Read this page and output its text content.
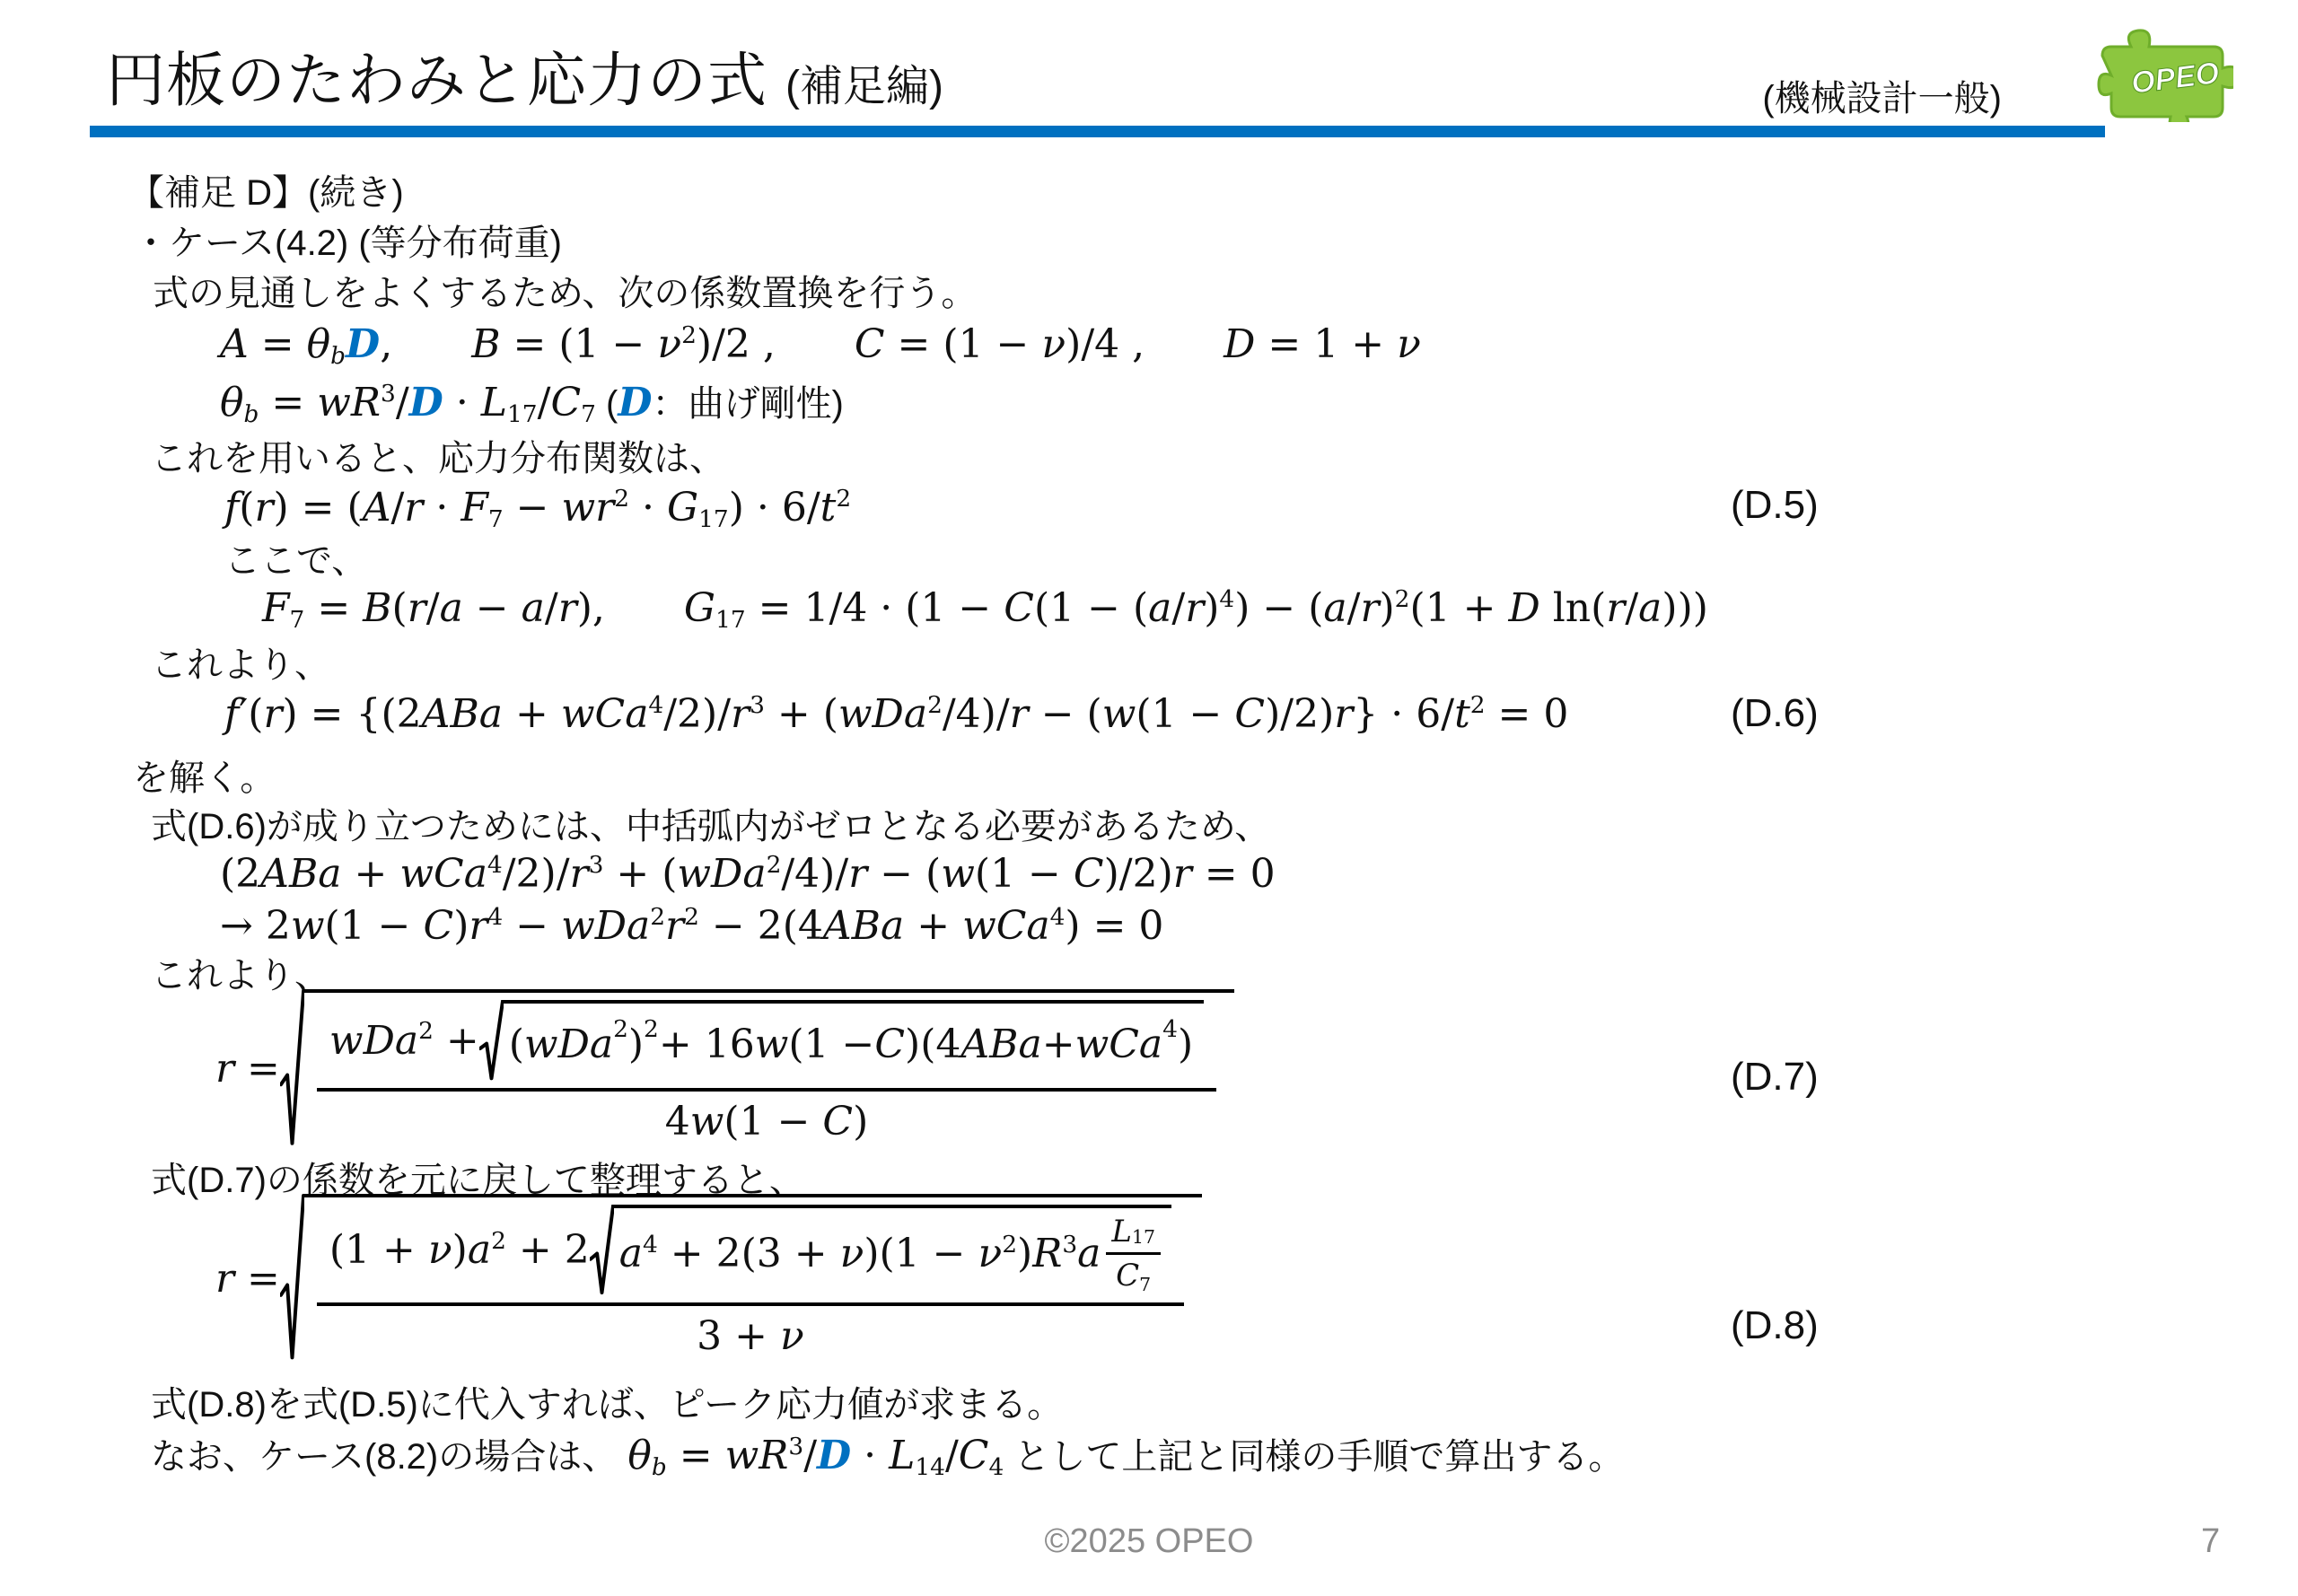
円板のたわみと応力の式 (補足編)	(機械設計一般)	OPEO
【補足 D】(続き)
・ケース(4.2) (等分布荷重)
式の見通しをよくするため、次の係数置換を行う。
A = θbD,  $B = (1 - \nu^2)/2$ ,  C = (1 − ν)/4 ,  D = 1 + ν
$\theta b = wR^3/D \cdot L17/C7$ (D：曲げ剛性)
これを用いると、応力分布関数は、
$f(r) = (A/r \cdot F7 - wr^2 \cdot G17) \cdot 6/t^2$	(D.5)
ここで、
F7 = B(r/a − a/r),  $G17 = 1/4 \cdot (1 - C(1 - (a/r)^4) - (a/r)^2(1 + D$ ln(r/a)))
これより、
$f'(r) = \{(2ABa + wCa^4/2)/r^3 + (wDa^2/4)/r - (w(1 - C)/2)r\} \cdot 6/t^2 = 0$	(D.6)
を解く。
式(D.6)が成り立つためには、中括弧内がゼロとなる必要があるため、
$(2ABa + wCa^4/2)/r^3 + (wDa^2/4)/r - (w(1 - C)/2)r = 0$
→ $2w(1 - C)r^4 - wDa^2r^2 - 2(4ABa + wCa^4) = 0$
これより、
r =
wDa$^2$ + ( wDa 2 ) 2 + 16 w (1 − C )(4 ABa + wCa 4 )
4w(1 − C)
(D.7)
式(D.7)の係数を元に戻して整理すると、
r =
$(1 + \nu)a^2 + 2$ $a^4 + 2(3 + \nu)(1 - \nu^2)R^3a \frac{L 17}{C7}$
3 + ν	(D.8)
式(D.8)を式(D.5)に代入すれば、ピーク応力値が求まる。
なお、ケース(8.2)の場合は、 $\theta b = wR^3/D \cdot L14/C4$ として上記と同様の手順で算出する。
©2025 OPEO	7
